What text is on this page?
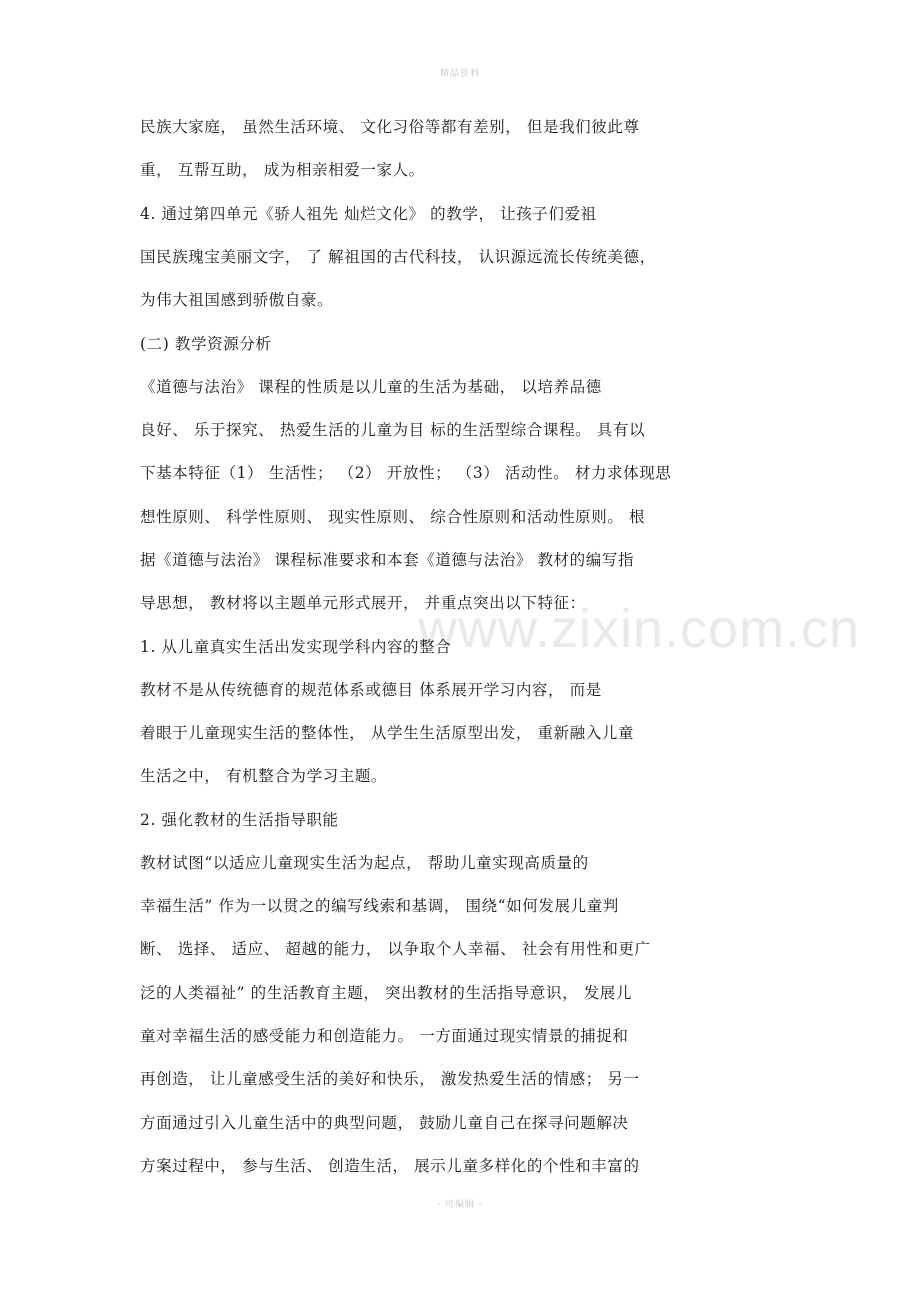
精品资料
www.zixin.com.cn
民族大家庭， 虽然生活环境、 文化习俗等都有差别， 但是我们彼此尊
重， 互帮互助， 成为相亲相爱一家人。
4. 通过第四单元《骄人祖先 灿烂文化》 的教学， 让孩子们爱祖
国民族瑰宝美丽文字， 了 解祖国的古代科技， 认识源远流长传统美德，
为伟大祖国感到骄傲自豪。
(二) 教学资源分析
《道德与法治》 课程的性质是以儿童的生活为基础， 以培养品德
良好、 乐于探究、 热爱生活的儿童为目 标的生活型综合课程。 具有以
下基本特征（1） 生活性； （2） 开放性； （3） 活动性。 材力求体现思
想性原则、 科学性原则、 现实性原则、 综合性原则和活动性原则。 根
据《道德与法治》 课程标准要求和本套《道德与法治》 教材的编写指
导思想， 教材将以主题单元形式展开， 并重点突出以下特征：
1. 从儿童真实生活出发实现学科内容的整合
教材不是从传统德育的规范体系或德目 体系展开学习内容， 而是
着眼于儿童现实生活的整体性， 从学生生活原型出发， 重新融入儿童
生活之中， 有机整合为学习主题。
2. 强化教材的生活指导职能
教材试图“以适应儿童现实生活为起点， 帮助儿童实现高质量的
幸福生活” 作为一以贯之的编写线索和基调， 围绕“如何发展儿童判
断、 选择、 适应、 超越的能力， 以争取个人幸福、 社会有用性和更广
泛的人类福祉” 的生活教育主题， 突出教材的生活指导意识， 发展儿
童对幸福生活的感受能力和创造能力。 一方面通过现实情景的捕捉和
再创造， 让儿童感受生活的美好和快乐， 激发热爱生活的情感； 另一
方面通过引入儿童生活中的典型问题， 鼓励儿童自己在探寻问题解决
方案过程中， 参与生活、 创造生活， 展示儿童多样化的个性和丰富的
- 可编辑 -
